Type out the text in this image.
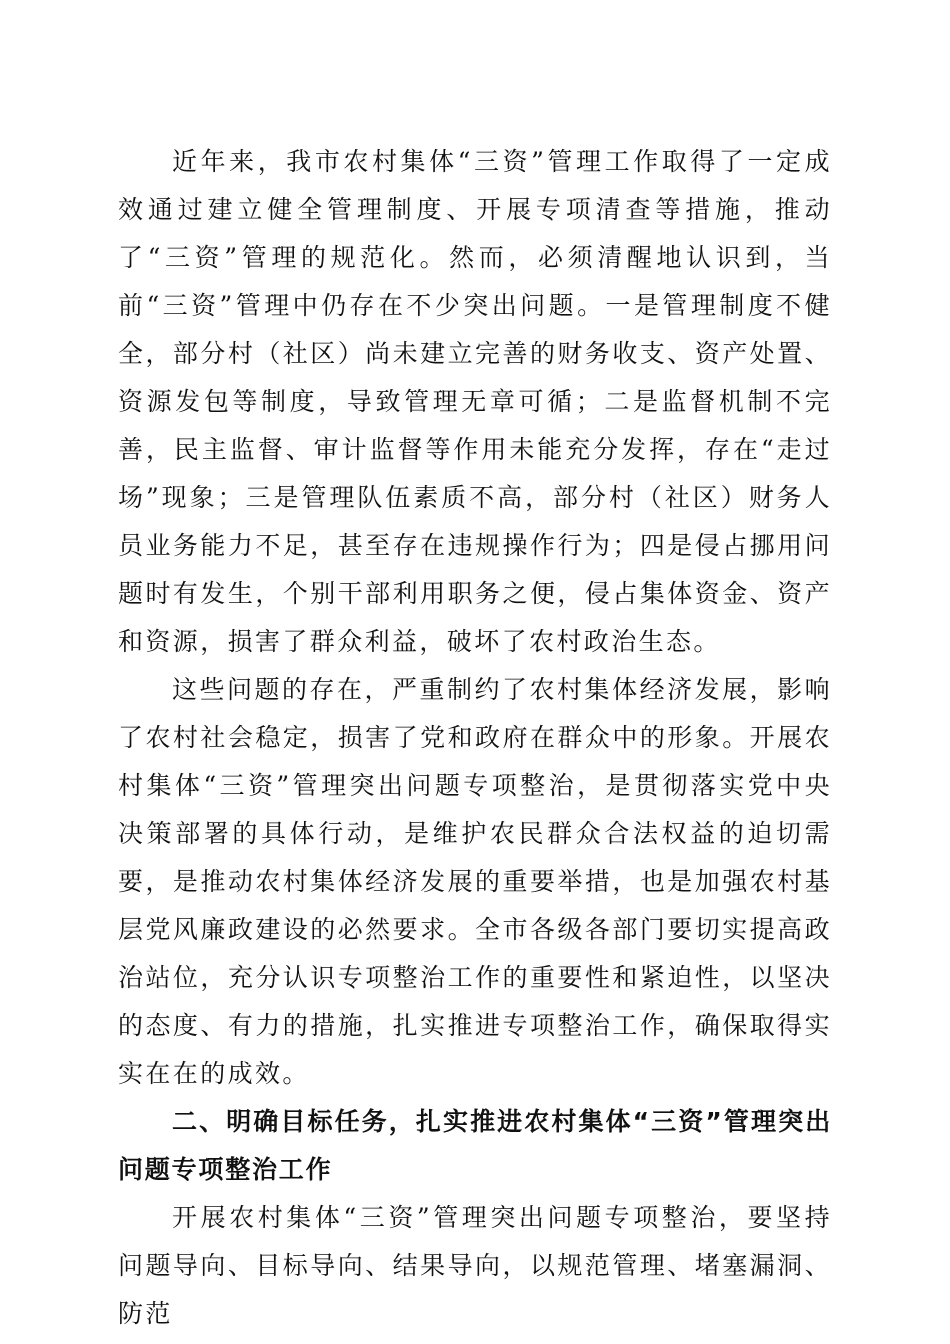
近年来，我市农村集体“三资”管理工作取得了一定成效通过建立健全管理制度、开展专项清查等措施，推动了“三资”管理的规范化。然而，必须清醒地认识到，当前“三资”管理中仍存在不少突出问题。一是管理制度不健全，部分村（社区）尚未建立完善的财务收支、资产处置、资源发包等制度，导致管理无章可循；二是监督机制不完善，民主监督、审计监督等作用未能充分发挥，存在“走过场”现象；三是管理队伍素质不高，部分村（社区）财务人员业务能力不足，甚至存在违规操作行为；四是侵占挪用问题时有发生，个别干部利用职务之便，侵占集体资金、资产和资源，损害了群众利益，破坏了农村政治生态。

这些问题的存在，严重制约了农村集体经济发展，影响了农村社会稳定，损害了党和政府在群众中的形象。开展农村集体“三资”管理突出问题专项整治，是贯彻落实党中央决策部署的具体行动，是维护农民群众合法权益的迫切需要，是推动农村集体经济发展的重要举措，也是加强农村基层党风廉政建设的必然要求。全市各级各部门要切实提高政治站位，充分认识专项整治工作的重要性和紧迫性，以坚决的态度、有力的措施，扎实推进专项整治工作，确保取得实实在在的成效。

二、明确目标任务，扎实推进农村集体“三资”管理突出问题专项整治工作

开展农村集体“三资”管理突出问题专项整治，要坚持问题导向、目标导向、结果导向，以规范管理、堵塞漏洞、防范
